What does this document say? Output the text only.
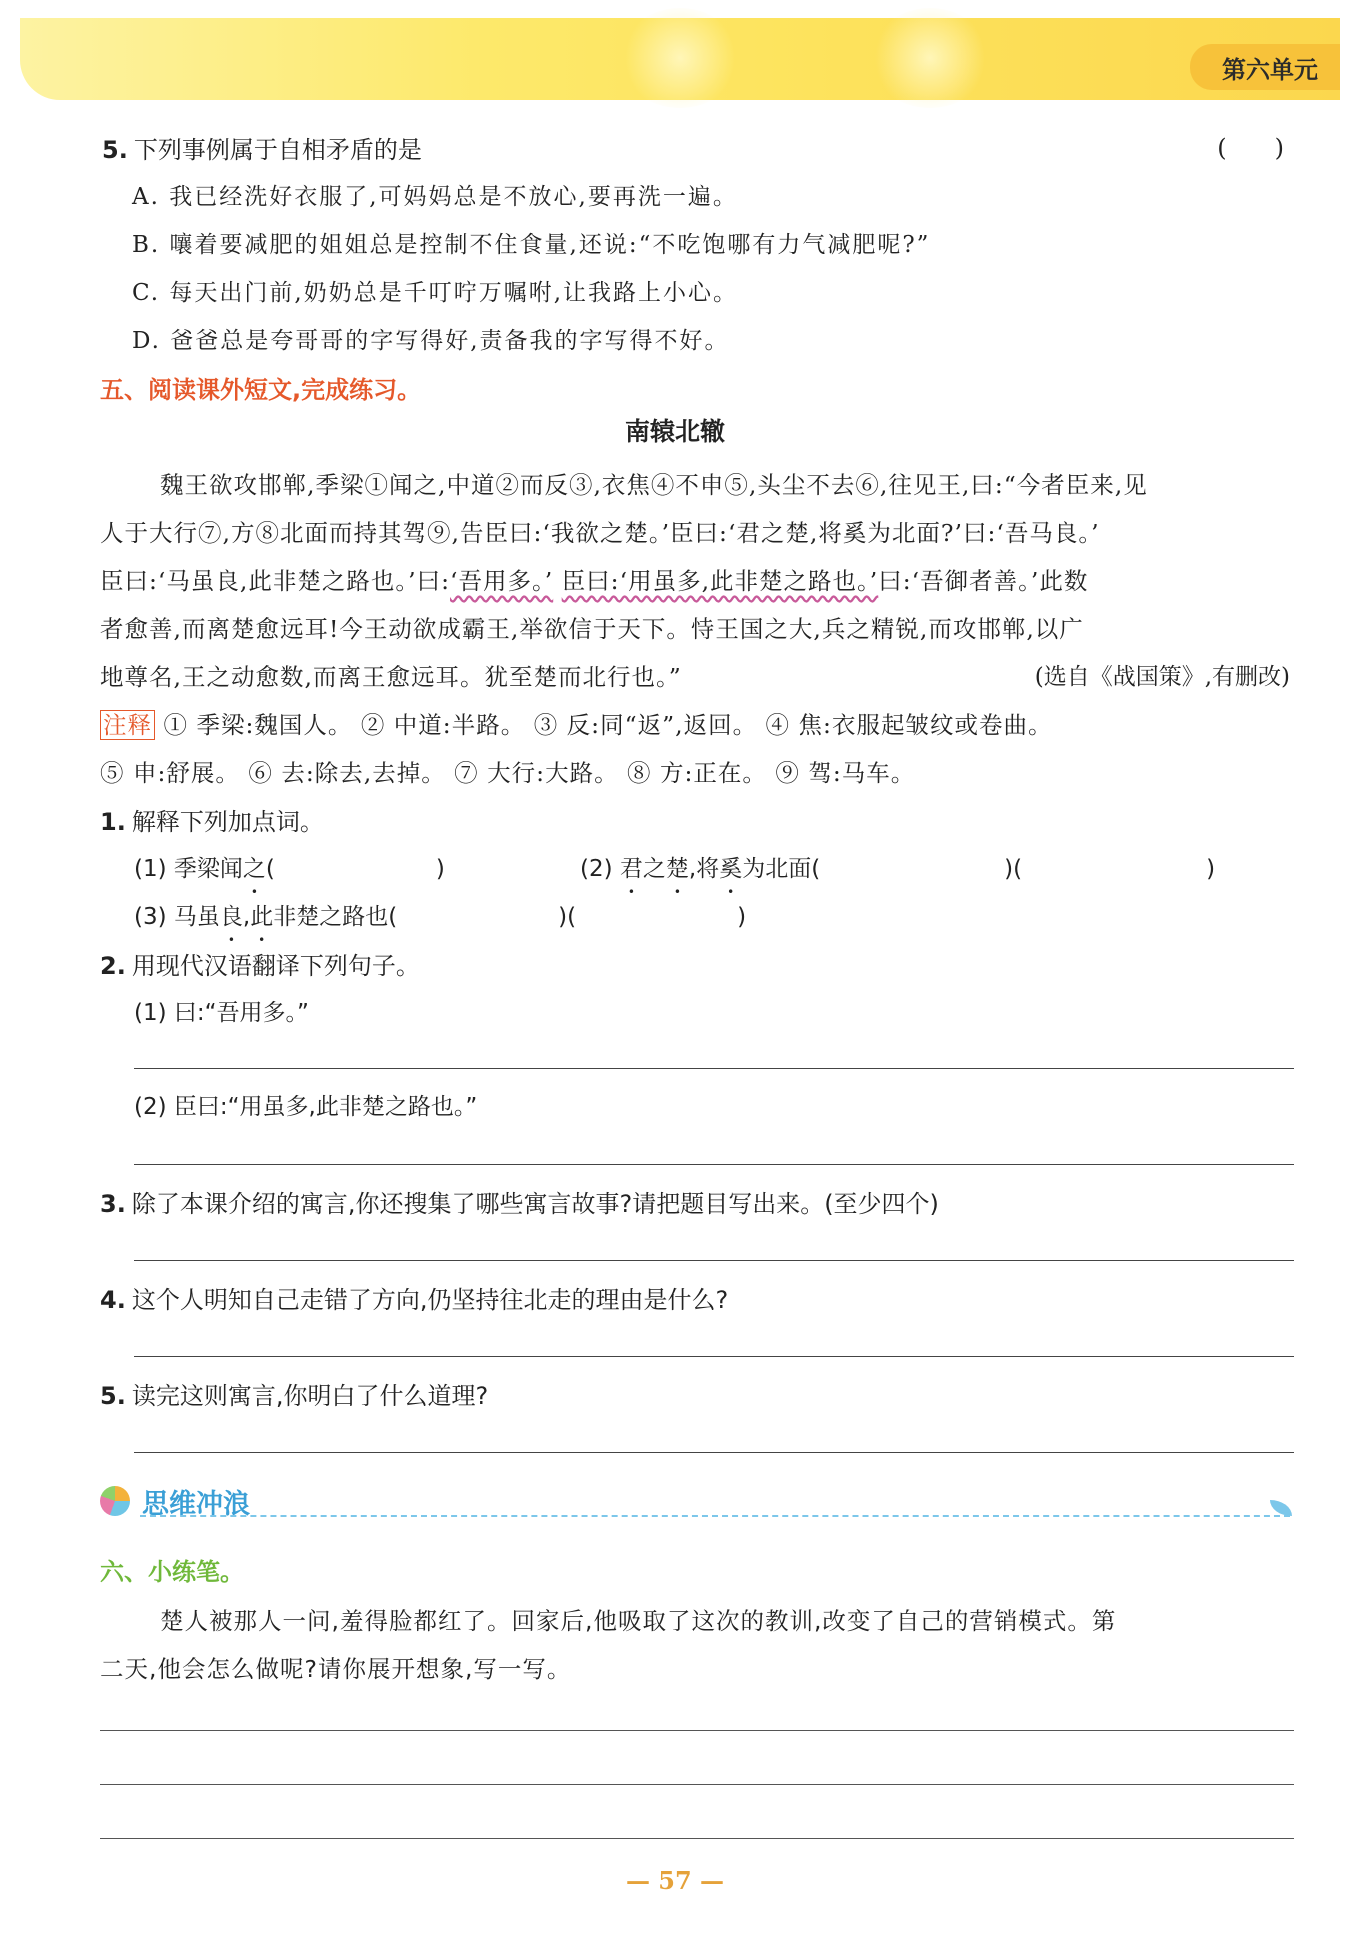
第六单元
5. 下列事例属于自相矛盾的是	(　　)
A. 我已经洗好衣服了,可妈妈总是不放心,要再洗一遍。
B. 嚷着要减肥的姐姐总是控制不住食量,还说:“不吃饱哪有力气减肥呢?”
C. 每天出门前,奶奶总是千叮咛万嘱咐,让我路上小心。
D. 爸爸总是夸哥哥的字写得好,责备我的字写得不好。
五、阅读课外短文,完成练习。
南辕北辙
魏王欲攻邯郸,季梁①闻之,中道②而反③,衣焦④不申⑤,头尘不去⑥,往见王,曰:“今者臣来,见
人于大行⑦,方⑧北面而持其驾⑨,告臣曰:‘我欲之楚。’臣曰:‘君之楚,将奚为北面?’曰:‘吾马良。’
臣曰:‘马虽良,此非楚之路也。’曰:‘吾用多。’ 臣曰:‘用虽多,此非楚之路也。’曰:‘吾御者善。’此数
者愈善,而离楚愈远耳!今王动欲成霸王,举欲信于天下。恃王国之大,兵之精锐,而攻邯郸,以广
地尊名,王之动愈数,而离王愈远耳。犹至楚而北行也。”	(选自《战国策》,有删改)
注释 ① 季梁:魏国人。 ② 中道:半路。 ③ 反:同“返”,返回。 ④ 焦:衣服起皱纹或卷曲。
⑤ 申:舒展。 ⑥ 去:除去,去掉。 ⑦ 大行:大路。 ⑧ 方:正在。 ⑨ 驾:马车。
1. 解释下列加点词。
(1) 季梁闻之(　　　　　　　)	(2) 君之楚,将奚为北面(　　　　　　　　)(　　　　　　　　)
(3) 马虽良,此非楚之路也(　　　　　　　)(　　　　　　　)
2. 用现代汉语翻译下列句子。
(1) 曰:“吾用多。”
(2) 臣曰:“用虽多,此非楚之路也。”
3. 除了本课介绍的寓言,你还搜集了哪些寓言故事?请把题目写出来。(至少四个)
4. 这个人明知自己走错了方向,仍坚持往北走的理由是什么?
5. 读完这则寓言,你明白了什么道理?
思维冲浪
六、小练笔。
楚人被那人一问,羞得脸都红了。回家后,他吸取了这次的教训,改变了自己的营销模式。第
二天,他会怎么做呢?请你展开想象,写一写。
— 57 —
